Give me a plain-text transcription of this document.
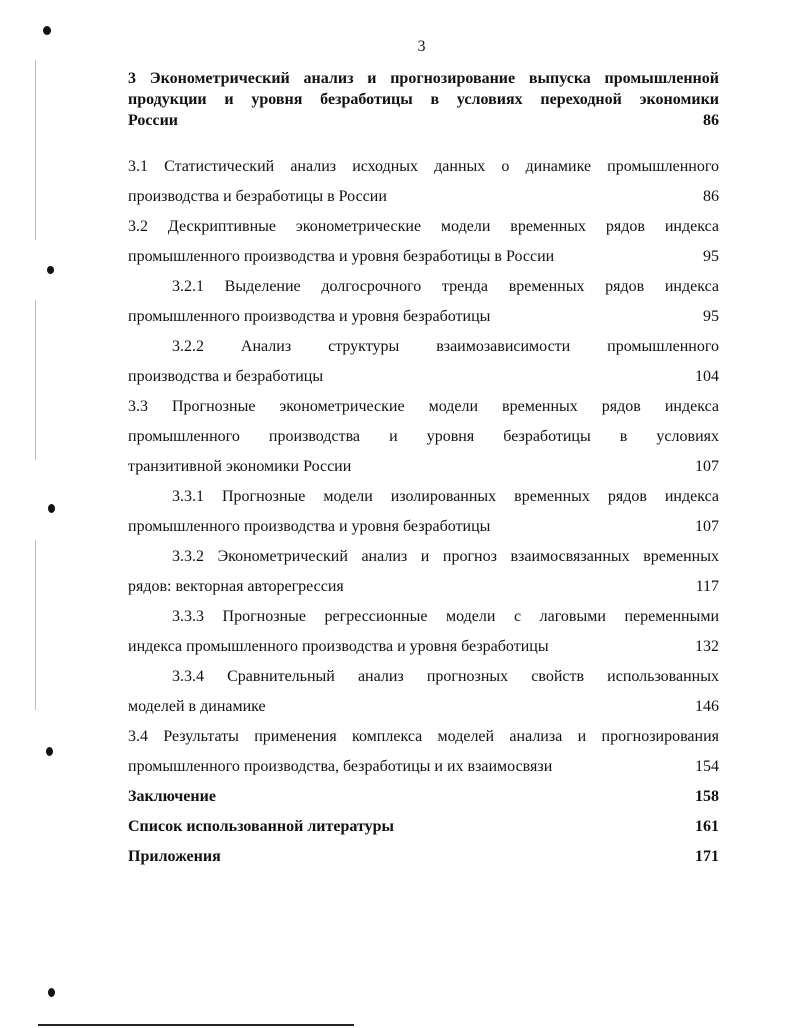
3
3 Эконометрический анализ и прогнозирование выпуска промышленной
продукции и уровня безработицы в условиях переходной экономики
России	86
3.1 Статистический анализ исходных данных о динамике промышленного
производства и безработицы в России	86
3.2 Дескриптивные эконометрические модели временных рядов индекса
промышленного производства и уровня безработицы в России	95
3.2.1 Выделение долгосрочного тренда временных рядов индекса
промышленного производства и уровня безработицы	95
3.2.2 Анализ структуры взаимозависимости промышленного
производства и безработицы	104
3.3 Прогнозные эконометрические модели временных рядов индекса
промышленного производства и уровня безработицы в условиях
транзитивной экономики России	107
3.3.1 Прогнозные модели изолированных временных рядов индекса
промышленного производства и уровня безработицы	107
3.3.2 Эконометрический анализ и прогноз взаимосвязанных временных
рядов: векторная авторегрессия	117
3.3.3 Прогнозные регрессионные модели с лаговыми переменными
индекса промышленного производства и уровня безработицы	132
3.3.4 Сравнительный анализ прогнозных свойств использованных
моделей в динамике	146
3.4 Результаты применения комплекса моделей анализа и прогнозирования
промышленного производства, безработицы и их взаимосвязи	154
Заключение	158
Список использованной литературы	161
Приложения	171
